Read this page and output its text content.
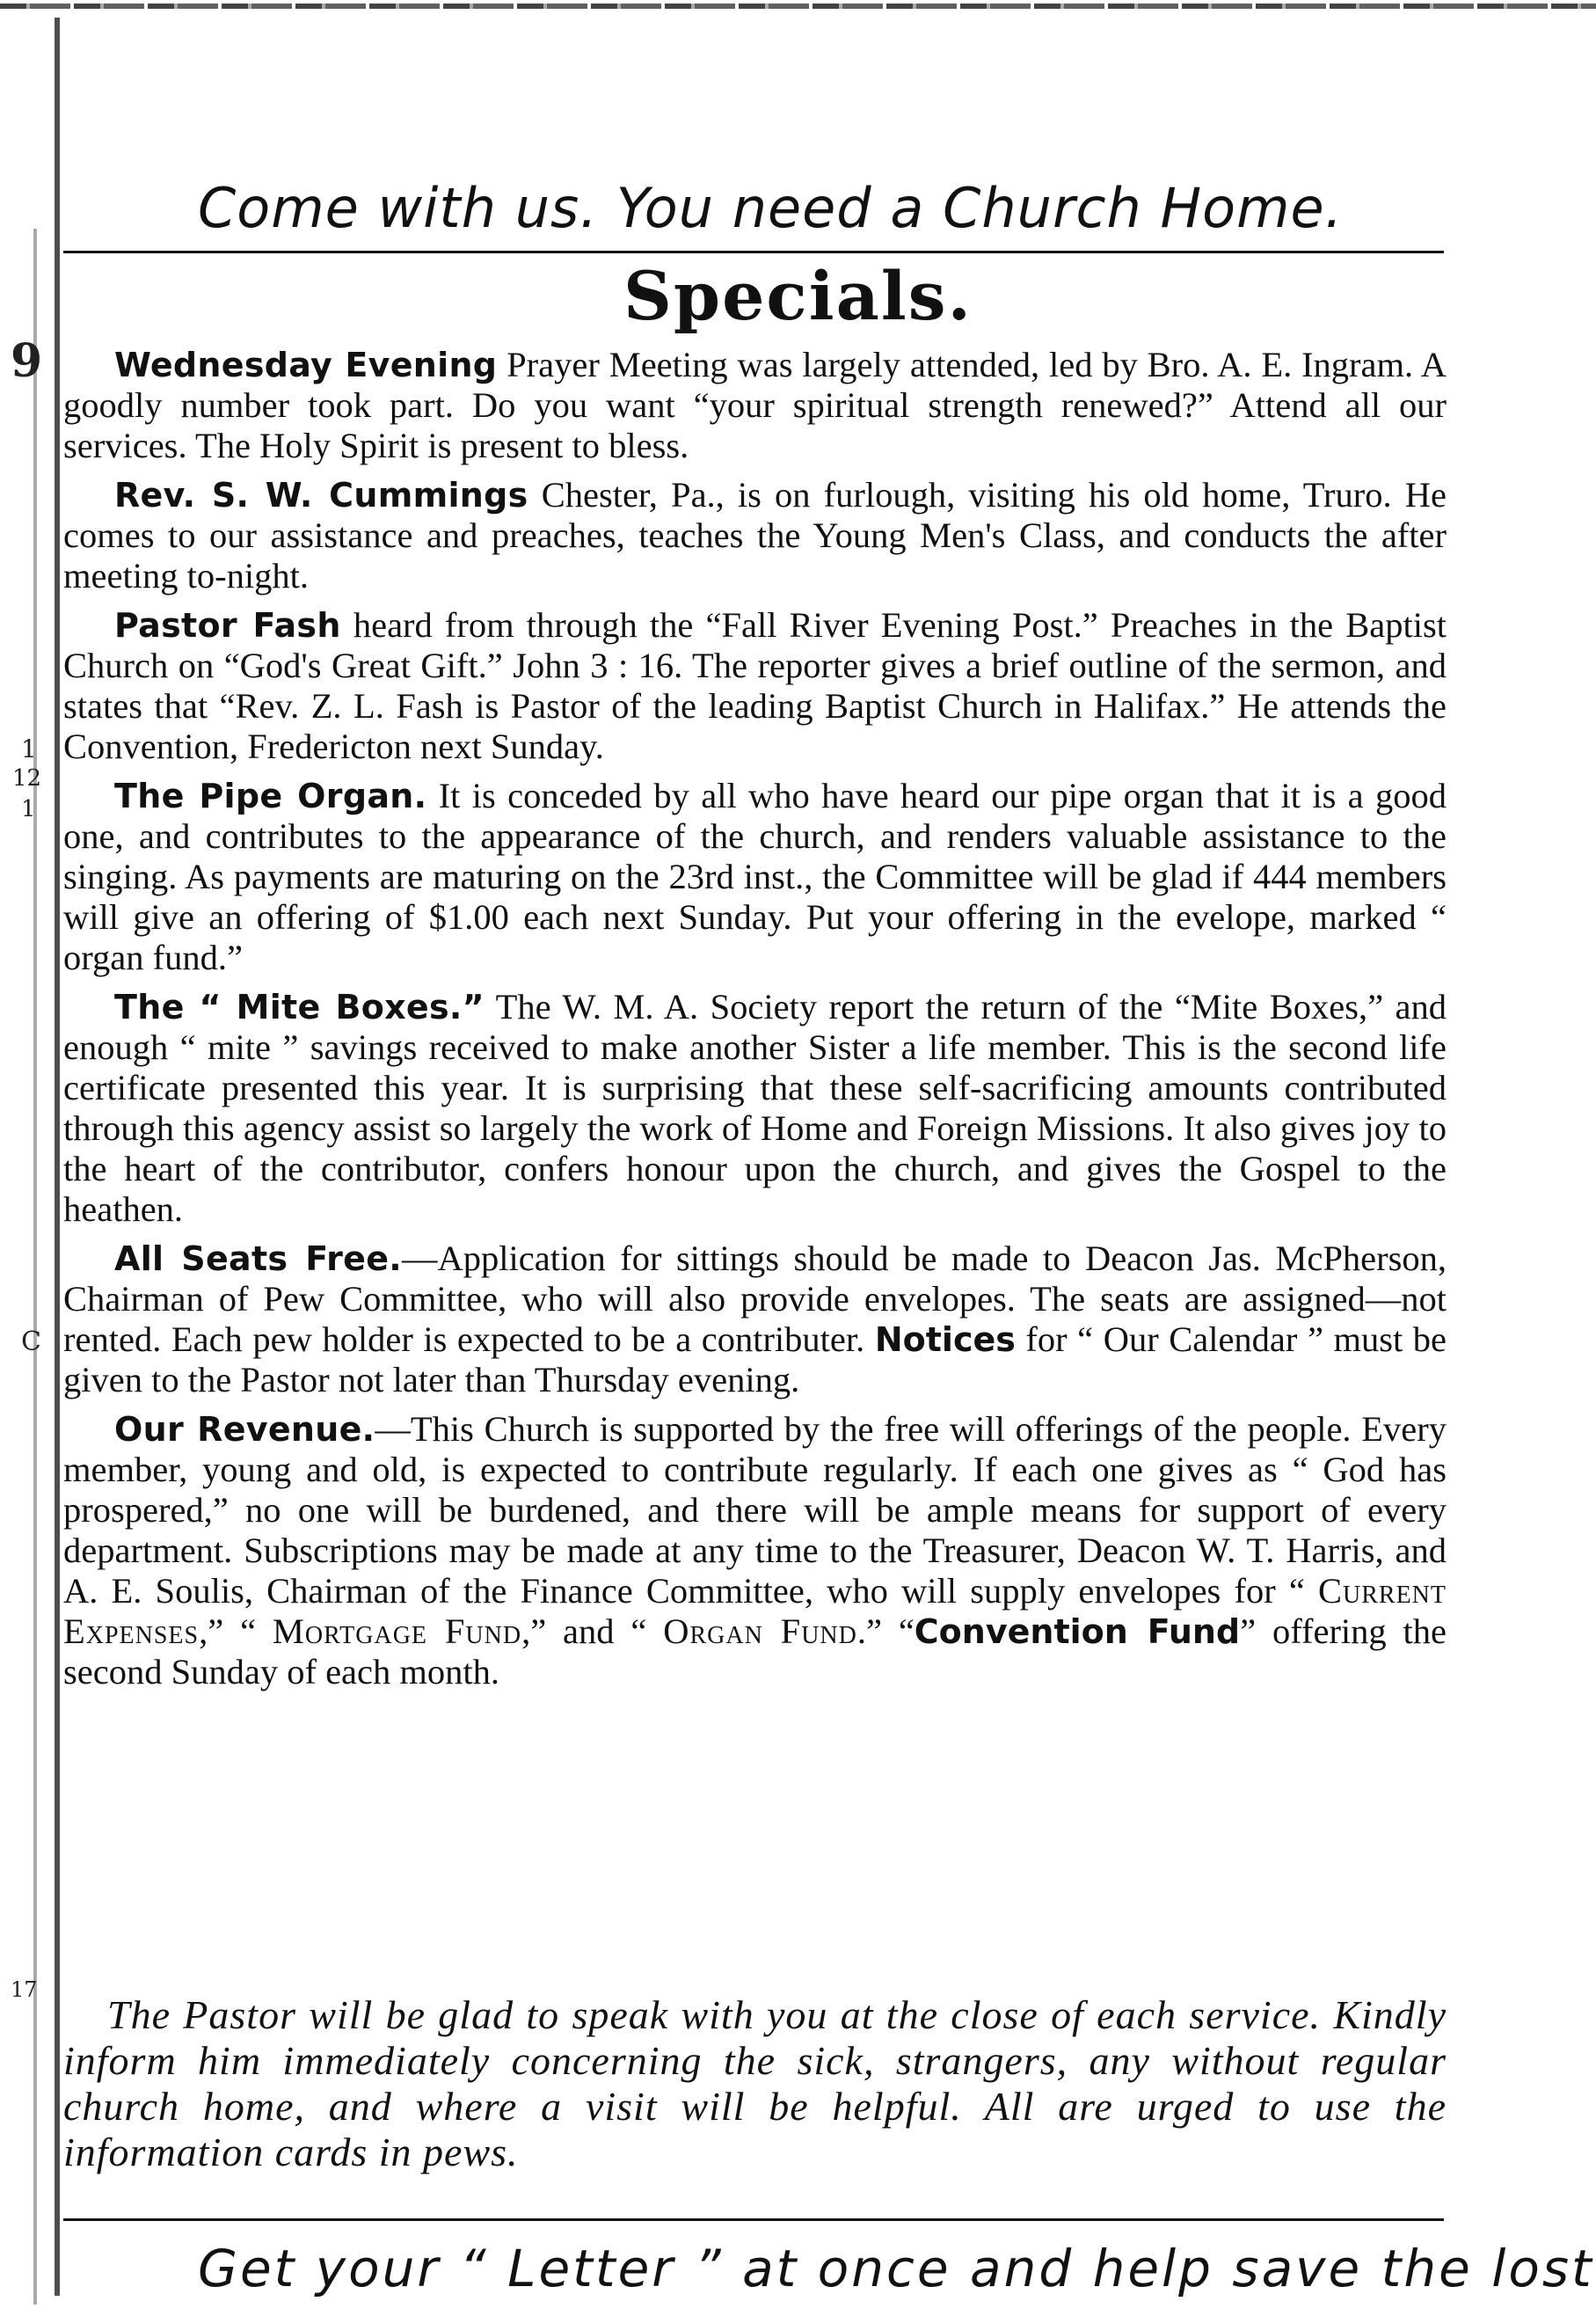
9
1
12
1
C
17
Come with us. You need a Church Home.
Specials.

Wednesday Evening Prayer Meeting was largely attended, led by Bro. A. E. Ingram. A goodly number took part. Do you want “your spiritual strength renewed?” Attend all our services. The Holy Spirit is present to bless.

Rev. S. W. Cummings Chester, Pa., is on furlough, visiting his old home, Truro. He comes to our assistance and preaches, teaches the Young Men's Class, and conducts the after meeting to-night.

Pastor Fash heard from through the “Fall River Evening Post.” Preaches in the Baptist Church on “God's Great Gift.” John 3 : 16. The reporter gives a brief outline of the sermon, and states that “Rev. Z. L. Fash is Pastor of the leading Baptist Church in Halifax.” He attends the Convention, Fredericton next Sunday.

The Pipe Organ. It is conceded by all who have heard our pipe organ that it is a good one, and contributes to the appearance of the church, and renders valuable assistance to the singing. As payments are maturing on the 23rd inst., the Committee will be glad if 444 members will give an offering of $1.00 each next Sunday. Put your offering in the evelope, marked “ organ fund.”

The “ Mite Boxes.” The W. M. A. Society report the return of the “Mite Boxes,” and enough “ mite ” savings received to make another Sister a life member. This is the second life certificate presented this year. It is surprising that these self-sacrificing amounts contributed through this agency assist so largely the work of Home and Foreign Missions. It also gives joy to the heart of the contributor, confers honour upon the church, and gives the Gospel to the heathen.

All Seats Free.—Application for sittings should be made to Deacon Jas. McPherson, Chairman of Pew Committee, who will also provide envelopes. The seats are assigned—not rented. Each pew holder is expected to be a contributer. Notices for “ Our Calendar ” must be given to the Pastor not later than Thursday evening.

Our Revenue.—This Church is supported by the free will offerings of the people. Every member, young and old, is expected to contribute regularly. If each one gives as “ God has prospered,” no one will be burdened, and there will be ample means for support of every department. Subscriptions may be made at any time to the Treasurer, Deacon W. T. Harris, and A. E. Soulis, Chairman of the Finance Committee, who will supply envelopes for “ Current Expenses,” “ Mortgage Fund,” and “ Organ Fund.” “Convention Fund” offering the second Sunday of each month.

The Pastor will be glad to speak with you at the close of each service. Kindly inform him immediately concerning the sick, strangers, any without regular church home, and where a visit will be helpful. All are urged to use the information cards in pews.

Get your “ Letter ” at once and help save the lost
